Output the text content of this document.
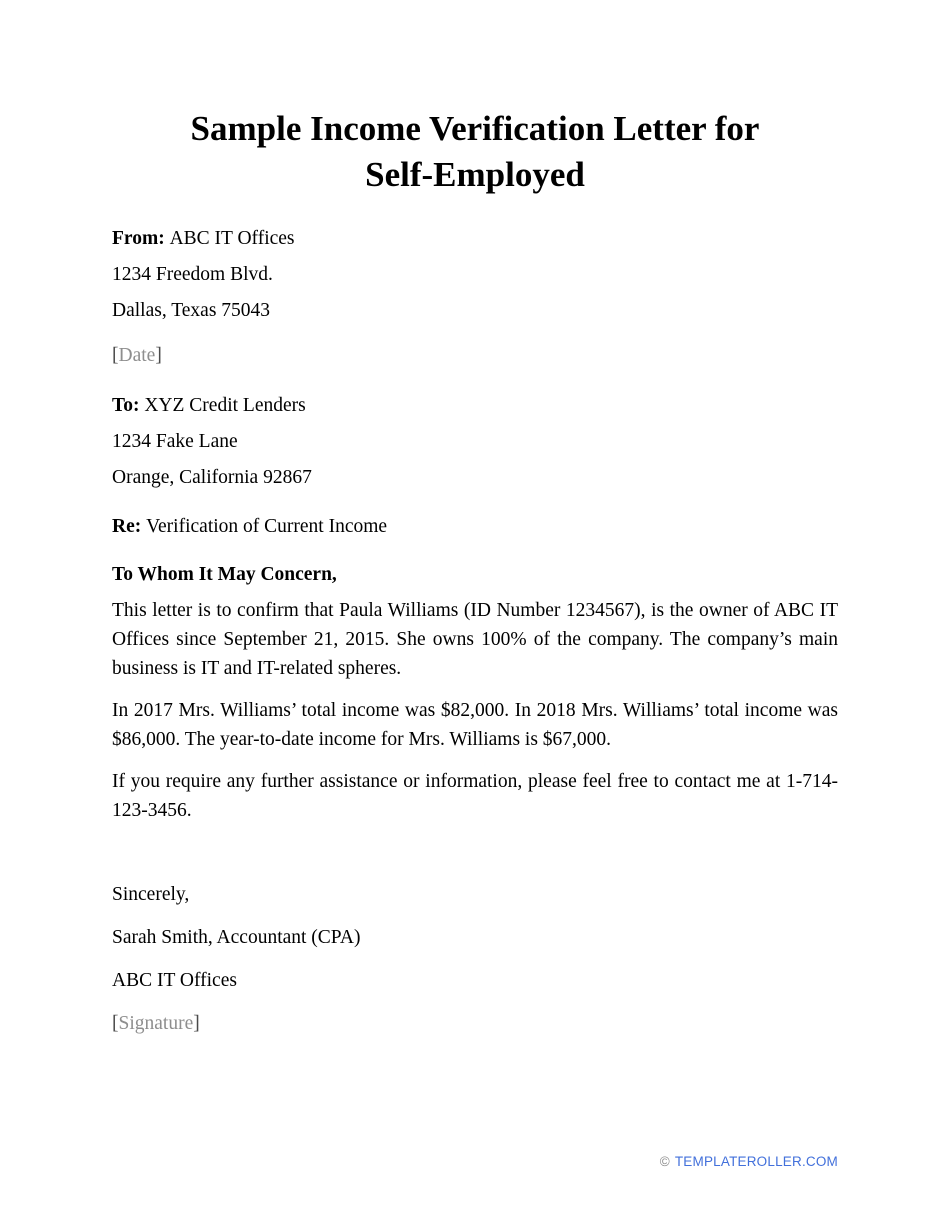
Sample Income Verification Letter for
Self-Employed

From: ABC IT Offices

1234 Freedom Blvd.

Dallas, Texas 75043

[Date]

To: XYZ Credit Lenders

1234 Fake Lane

Orange, California 92867

Re: Verification of Current Income

To Whom It May Concern,

This letter is to confirm that Paula Williams (ID Number 1234567), is the owner of ABC IT Offices since September 21, 2015. She owns 100% of the company. The company’s main business is IT and IT-related spheres.

In 2017 Mrs. Williams’ total income was $82,000. In 2018 Mrs. Williams’ total income was $86,000. The year-to-date income for Mrs. Williams is $67,000.

If you require any further assistance or information, please feel free to contact me at 1-714-123-3456.

Sincerely,

Sarah Smith, Accountant (CPA)

ABC IT Offices

[Signature]

© TEMPLATEROLLER.COM
